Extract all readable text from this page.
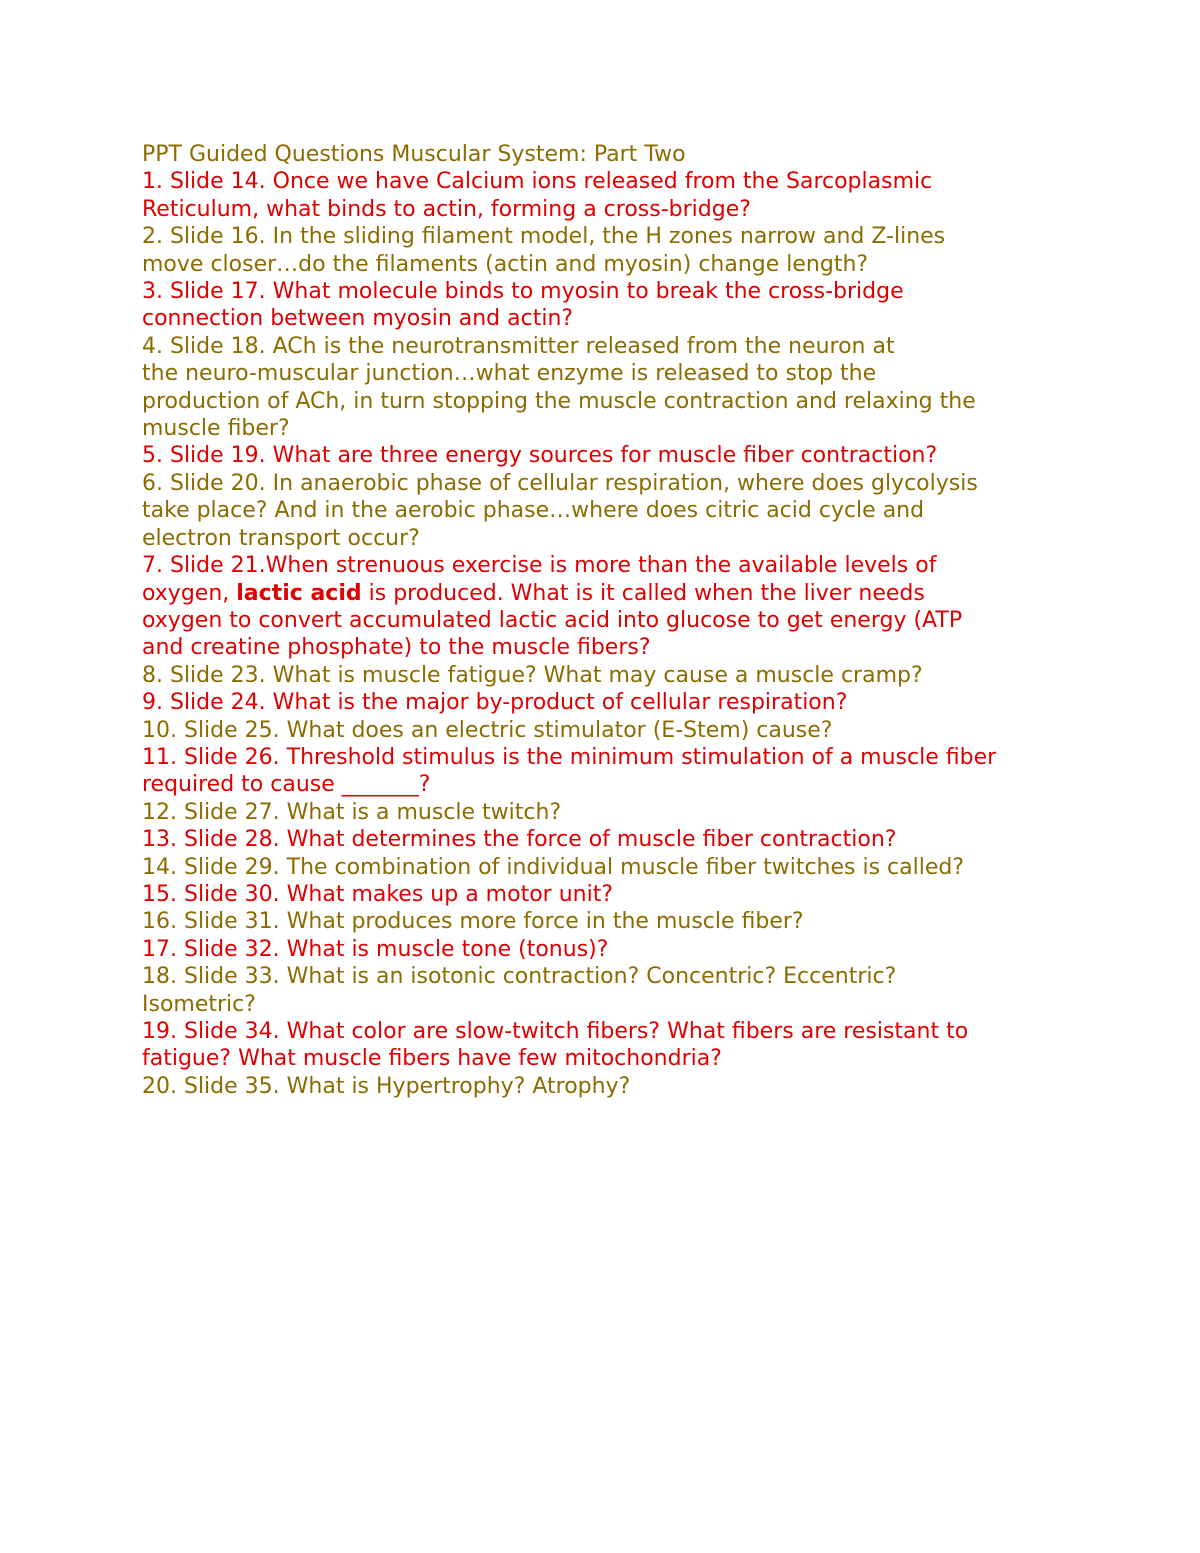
PPT Guided Questions Muscular System: Part Two
1. Slide 14. Once we have Calcium ions released from the Sarcoplasmic
Reticulum, what binds to actin, forming a cross-bridge?
2. Slide 16. In the sliding filament model, the H zones narrow and Z-lines
move closer…do the filaments (actin and myosin) change length?
3. Slide 17. What molecule binds to myosin to break the cross-bridge
connection between myosin and actin?
4. Slide 18. ACh is the neurotransmitter released from the neuron at
the neuro-muscular junction…what enzyme is released to stop the
production of ACh, in turn stopping the muscle contraction and relaxing the
muscle fiber?
5. Slide 19. What are three energy sources for muscle fiber contraction?
6. Slide 20. In anaerobic phase of cellular respiration, where does glycolysis
take place? And in the aerobic phase…where does citric acid cycle and
electron transport occur?
7. Slide 21.When strenuous exercise is more than the available levels of
oxygen, lactic acid is produced. What is it called when the liver needs
oxygen to convert accumulated lactic acid into glucose to get energy (ATP
and creatine phosphate) to the muscle fibers?
8. Slide 23. What is muscle fatigue? What may cause a muscle cramp?
9. Slide 24. What is the major by-product of cellular respiration?
10. Slide 25. What does an electric stimulator (E-Stem) cause?
11. Slide 26. Threshold stimulus is the minimum stimulation of a muscle fiber
required to cause _______?
12. Slide 27. What is a muscle twitch?
13. Slide 28. What determines the force of muscle fiber contraction?
14. Slide 29. The combination of individual muscle fiber twitches is called?
15. Slide 30. What makes up a motor unit?
16. Slide 31. What produces more force in the muscle fiber?
17. Slide 32. What is muscle tone (tonus)?
18. Slide 33. What is an isotonic contraction? Concentric? Eccentric?
Isometric?
19. Slide 34. What color are slow-twitch fibers? What fibers are resistant to
fatigue? What muscle fibers have few mitochondria?
20. Slide 35. What is Hypertrophy? Atrophy?
